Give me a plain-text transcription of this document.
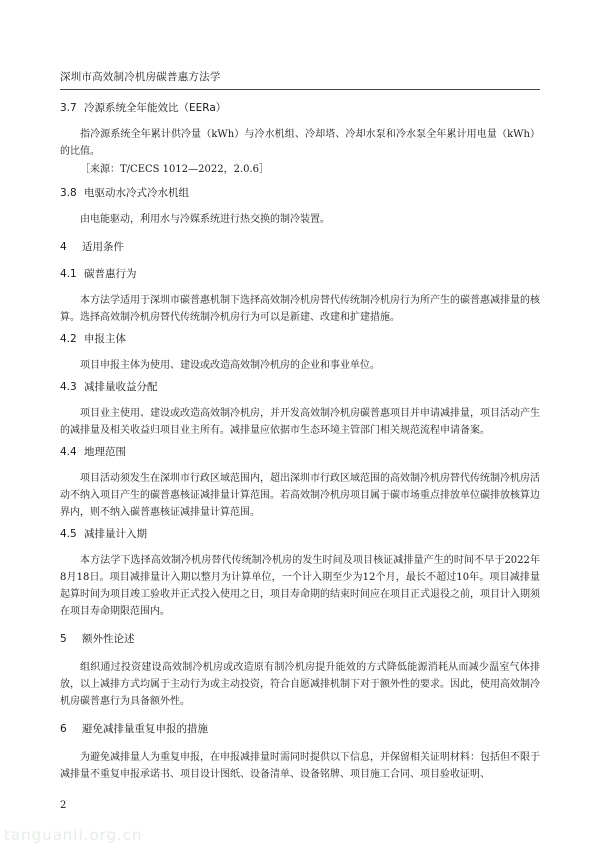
深圳市高效制冷机房碳普惠方法学
3.7 冷源系统全年能效比（EERa）

指冷源系统全年累计供冷量（kWh）与冷水机组、冷却塔、冷却水泵和冷水泵全年累计用电量（kWh）的比值。

［来源：T/CECS 1012—2022，2.0.6］
3.8 电驱动水冷式冷水机组

由电能驱动，利用水与冷媒系统进行热交换的制冷装置。

4 适用条件
4.1 碳普惠行为

本方法学适用于深圳市碳普惠机制下选择高效制冷机房替代传统制冷机房行为所产生的碳普惠减排量的核算。选择高效制冷机房替代传统制冷机房行为可以是新建、改建和扩建措施。

4.2 申报主体

项目申报主体为使用、建设或改造高效制冷机房的企业和事业单位。

4.3 减排量收益分配

项目业主使用、建设或改造高效制冷机房，并开发高效制冷机房碳普惠项目并申请减排量，项目活动产生的减排量及相关收益归项目业主所有。减排量应依据市生态环境主管部门相关规范流程申请备案。

4.4 地理范围

项目活动须发生在深圳市行政区域范围内，超出深圳市行政区域范围的高效制冷机房替代传统制冷机房活动不纳入项目产生的碳普惠核证减排量计算范围。若高效制冷机房项目属于碳市场重点排放单位碳排放核算边界内，则不纳入碳普惠核证减排量计算范围。

4.5 减排量计入期

本方法学下选择高效制冷机房替代传统制冷机房的发生时间及项目核证减排量产生的时间不早于2022年8月18日。项目减排量计入期以整月为计算单位，一个计入期至少为12个月，最长不超过10年。项目减排量起算时间为项目竣工验收并正式投入使用之日，项目寿命期的结束时间应在项目正式退役之前，项目计入期须在项目寿命期限范围内。

5 额外性论述

组织通过投资建设高效制冷机房或改造原有制冷机房提升能效的方式降低能源消耗从而减少温室气体排放，以上减排方式均属于主动行为或主动投资，符合自愿减排机制下对于额外性的要求。因此，使用高效制冷机房碳普惠行为具备额外性。

6 避免减排量重复申报的措施

为避免减排量人为重复申报，在申报减排量时需同时提供以下信息，并保留相关证明材料：包括但不限于减排量不重复申报承诺书、项目设计图纸、设备清单、设备铭牌、项目施工合同、项目验收证明、

2
tanguanli.org.cn
